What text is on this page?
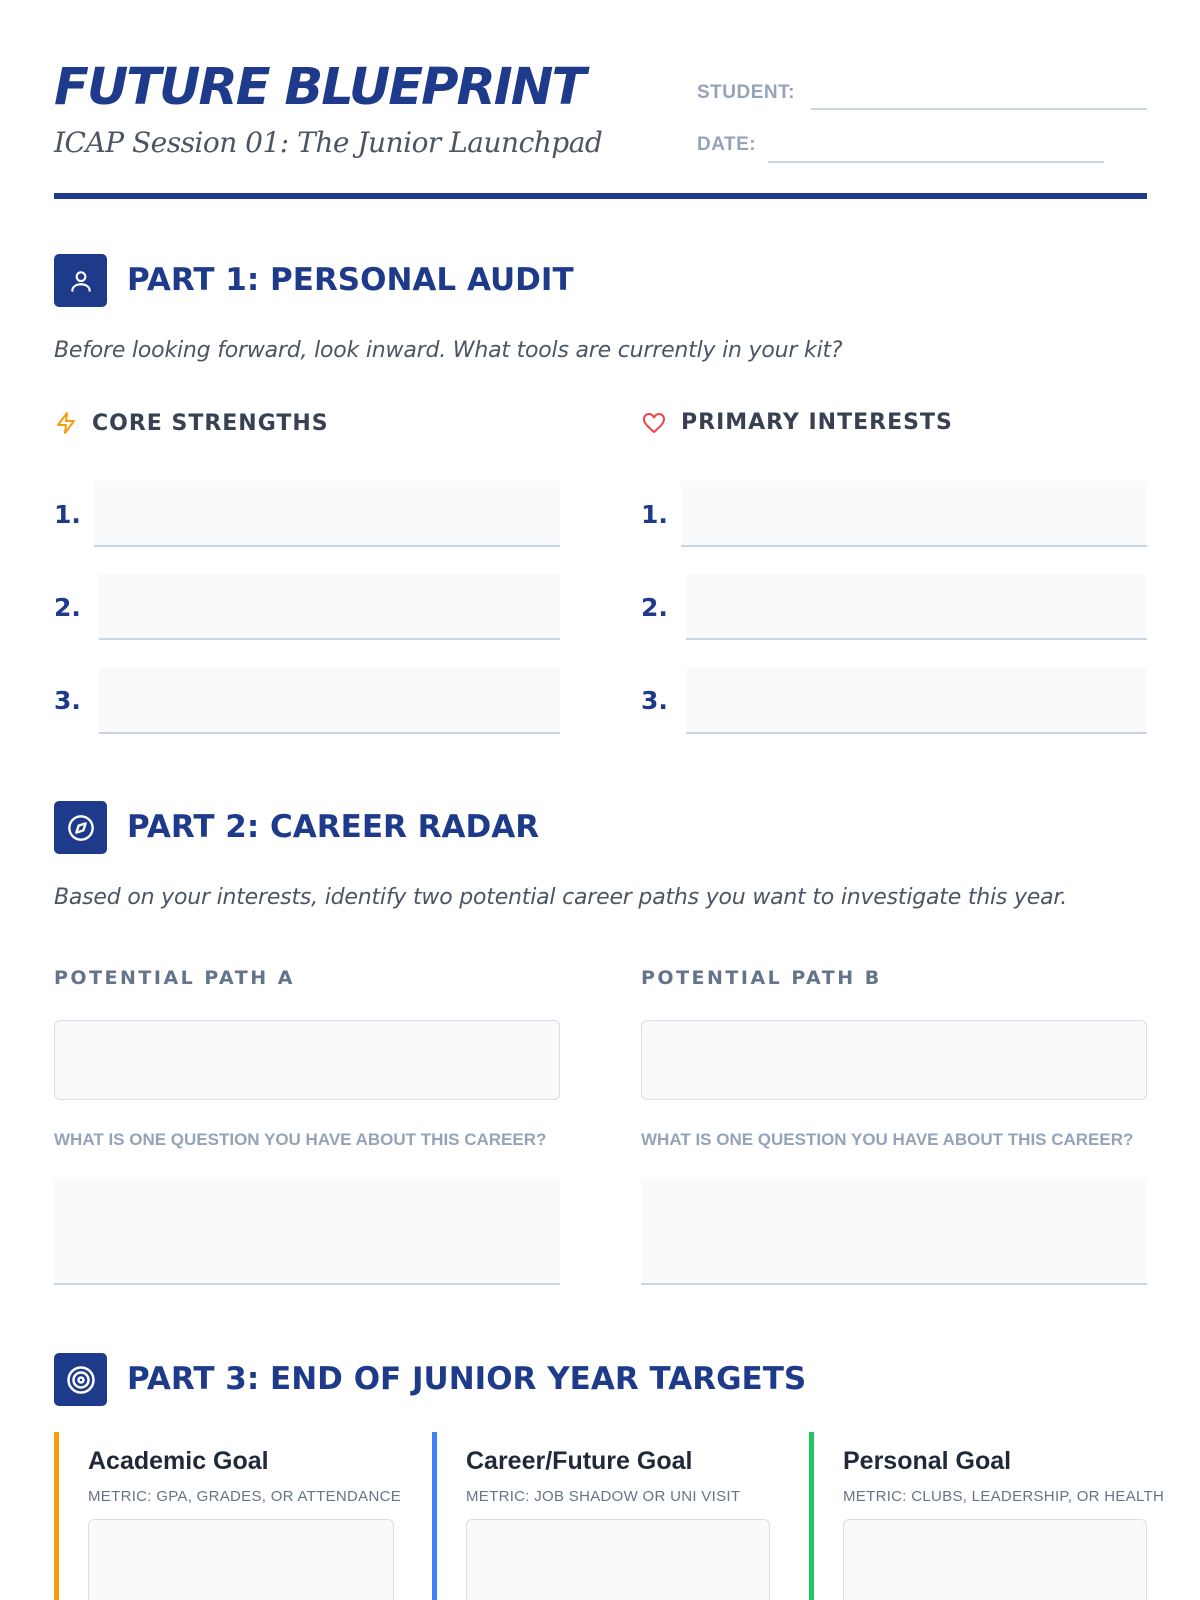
FUTURE BLUEPRINT
ICAP Session 01: The Junior Launchpad
STUDENT:
DATE:
PART 1: PERSONAL AUDIT
Before looking forward, look inward. What tools are currently in your kit?
CORE STRENGTHS	PRIMARY INTERESTS
1.
2.
3.
1.
2.
3.
PART 2: CAREER RADAR
Based on your interests, identify two potential career paths you want to investigate this year.
POTENTIAL PATH A	POTENTIAL PATH B
WHAT IS ONE QUESTION YOU HAVE ABOUT THIS CAREER?	WHAT IS ONE QUESTION YOU HAVE ABOUT THIS CAREER?
PART 3: END OF JUNIOR YEAR TARGETS
Academic Goal
METRIC: GPA, GRADES, OR ATTENDANCE
Career/Future Goal
METRIC: JOB SHADOW OR UNI VISIT
Personal Goal
METRIC: CLUBS, LEADERSHIP, OR HEALTH
